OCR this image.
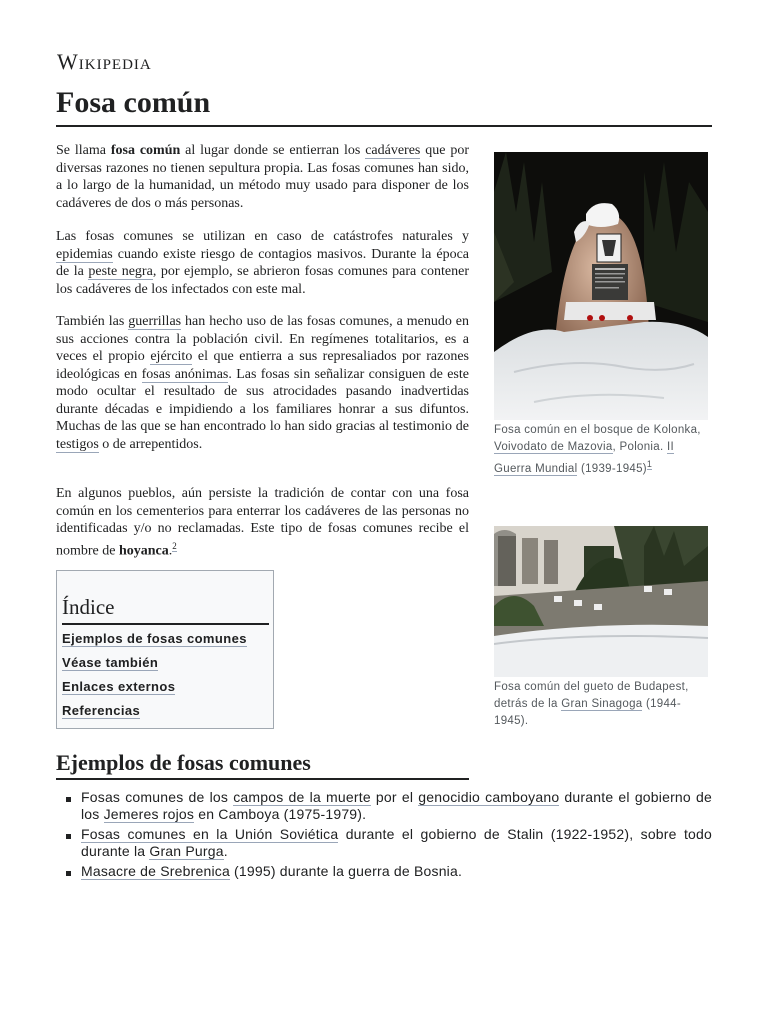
Wikipedia
Fosa común

Se llama fosa común al lugar donde se entierran los cadáveres que por diversas razones no tienen sepultura propia. Las fosas comunes han sido, a lo largo de la humanidad, un método muy usado para disponer de los cadáveres de dos o más personas.

Las fosas comunes se utilizan en caso de catástrofes naturales y epidemias cuando existe riesgo de contagios masivos. Durante la época de la peste negra, por ejemplo, se abrieron fosas comunes para contener los cadáveres de los infectados con este mal.

También las guerrillas han hecho uso de las fosas comunes, a menudo en sus acciones contra la población civil. En regímenes totalitarios, es a veces el propio ejército el que entierra a sus represaliados por razones ideológicas en fosas anónimas. Las fosas sin señalizar consiguen de este modo ocultar el resultado de sus atrocidades pasando inadvertidas durante décadas e impidiendo a los familiares honrar a sus difuntos. Muchas de las que se han encontrado lo han sido gracias al testimonio de testigos o de arrepentidos.

En algunos pueblos, aún persiste la tradición de contar con una fosa común en los cementerios para enterrar los cadáveres de las personas no identificadas y/o no reclamadas. Este tipo de fosas comunes recibe el nombre de hoyanca.$^2$

Índice
Ejemplos de fosas comunes
Véase también
Enlaces externos
Referencias
Fosa común en el bosque de Kolonka, Voivodato de Mazovia, Polonia. II Guerra Mundial (1939-1945)$^1$
Fosa común del gueto de Budapest, detrás de la Gran Sinagoga (1944-1945).
Ejemplos de fosas comunes
Fosas comunes de los campos de la muerte por el genocidio camboyano durante el gobierno de los Jemeres rojos en Camboya (1975-1979).
Fosas comunes en la Unión Soviética durante el gobierno de Stalin (1922-1952), sobre todo durante la Gran Purga.
Masacre de Srebrenica (1995) durante la guerra de Bosnia.
